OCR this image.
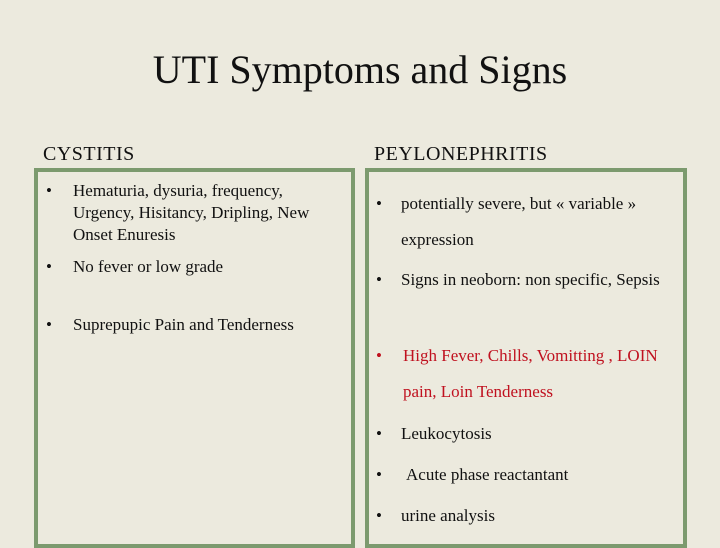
UTI Symptoms and Signs
CYSTITIS	PEYLONEPHRITIS
• Hematuria, dysuria, frequency, Urgency, Hisitancy, Dripling, New Onset Enuresis
• No fever or low grade
• Suprepupic Pain and Tenderness
• potentially severe, but « variable » expression
• Signs in neoborn: non specific, Sepsis
• High Fever, Chills, Vomitting , LOIN pain, Loin Tenderness
• Leukocytosis
• Acute phase reactantant
• urine analysis
